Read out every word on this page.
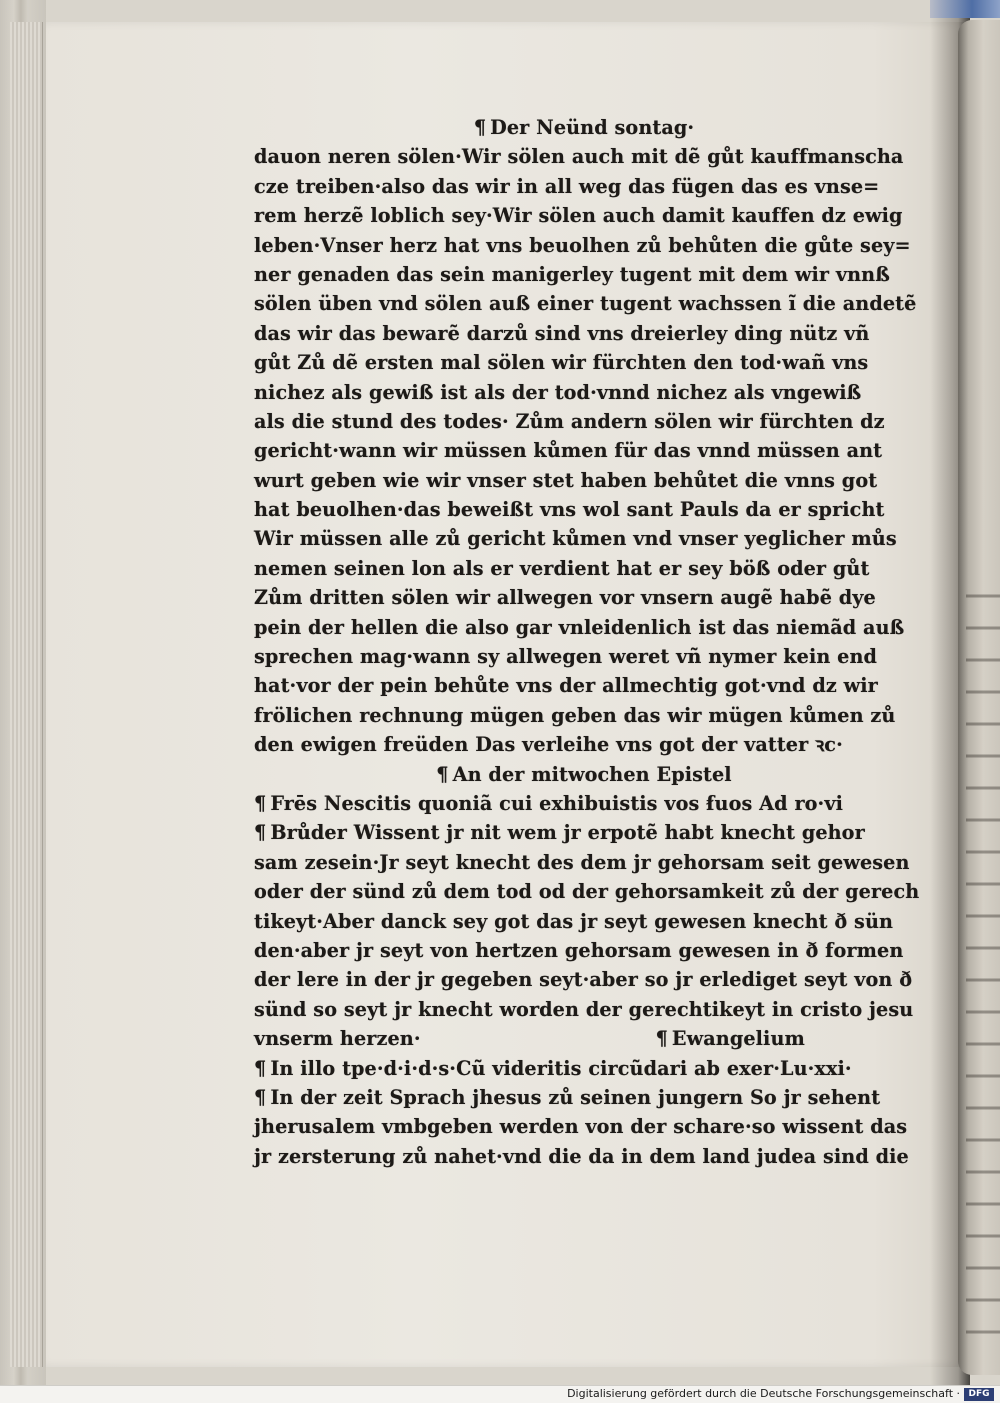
¶ Der Neünd sontag·
dauon neren sölen·Wir sölen auch mit dẽ gůt kauffmanscha
cze treiben·also das wir in all weg das fügen das es vnse=
rem herzẽ loblich sey·Wir sölen auch damit kauffen dz ewig
leben·Vnser herz hat vns beuolhen zů behůten die gůte sey=
ner genaden das sein manigerley tugent mit dem wir vnnß
sölen üben vnd sölen auß einer tugent wachssen ĩ die andetẽ
das wir das bewarẽ darzů sind vns dreierley ding nütz vñ
gůt Zů dẽ ersten mal sölen wir fürchten den tod·wañ vns
nichez als gewiß ist als der tod·vnnd nichez als vngewiß
als die stund des todes· Zům andern sölen wir fürchten dz
gericht·wann wir müssen kůmen für das vnnd müssen ant
wurt geben wie wir vnser stet haben behůtet die vnns got
hat beuolhen·das beweißt vns wol sant Pauls da er spricht
Wir müssen alle zů gericht kůmen vnd vnser yeglicher můs
nemen seinen lon als er verdient hat er sey böß oder gůt
Zům dritten sölen wir allwegen vor vnsern augẽ habẽ dye
pein der hellen die also gar vnleidenlich ist das niemãd auß
sprechen mag·wann sy allwegen weret vñ nymer kein end
hat·vor der pein behůte vns der allmechtig got·vnd dz wir
frölichen rechnung mügen geben das wir mügen kůmen zů
den ewigen freüden Das verleihe vns got der vatter ꝛc·
¶ An der mitwochen Epistel
¶ Frēs Nescitis quoniã cui exhibuistis vos ẜuos Ad ro·vi
¶ Brůder Wissent jr nit wem jr erpotẽ habt knecht gehor
sam zesein·Jr seyt knecht des dem jr gehorsam seit gewesen
oder der sünd zů dem tod od der gehorsamkeit zů der gerech
tikeyt·Aber danck sey got das jr seyt gewesen knecht ð sün
den·aber jr seyt von hertzen gehorsam gewesen in ð formen
der lere in der jr gegeben seyt·aber so jr erlediget seyt von ð
sünd so seyt jr knecht worden der gerechtikeyt in cristo jesu
vnserm herzen·	¶ Ewangelium
¶ In illo tpe·d·i·d·s·Cũ videritis circũdari ab exer·Lu·xxi·
¶ In der zeit Sprach jhesus zů seinen jungern So jr sehent
jherusalem vmbgeben werden von der schare·so wissent das
jr zersterung zů nahet·vnd die da in dem land judea sind die
Digitalisierung gefördert durch die Deutsche Forschungsgemeinschaft · DFG
